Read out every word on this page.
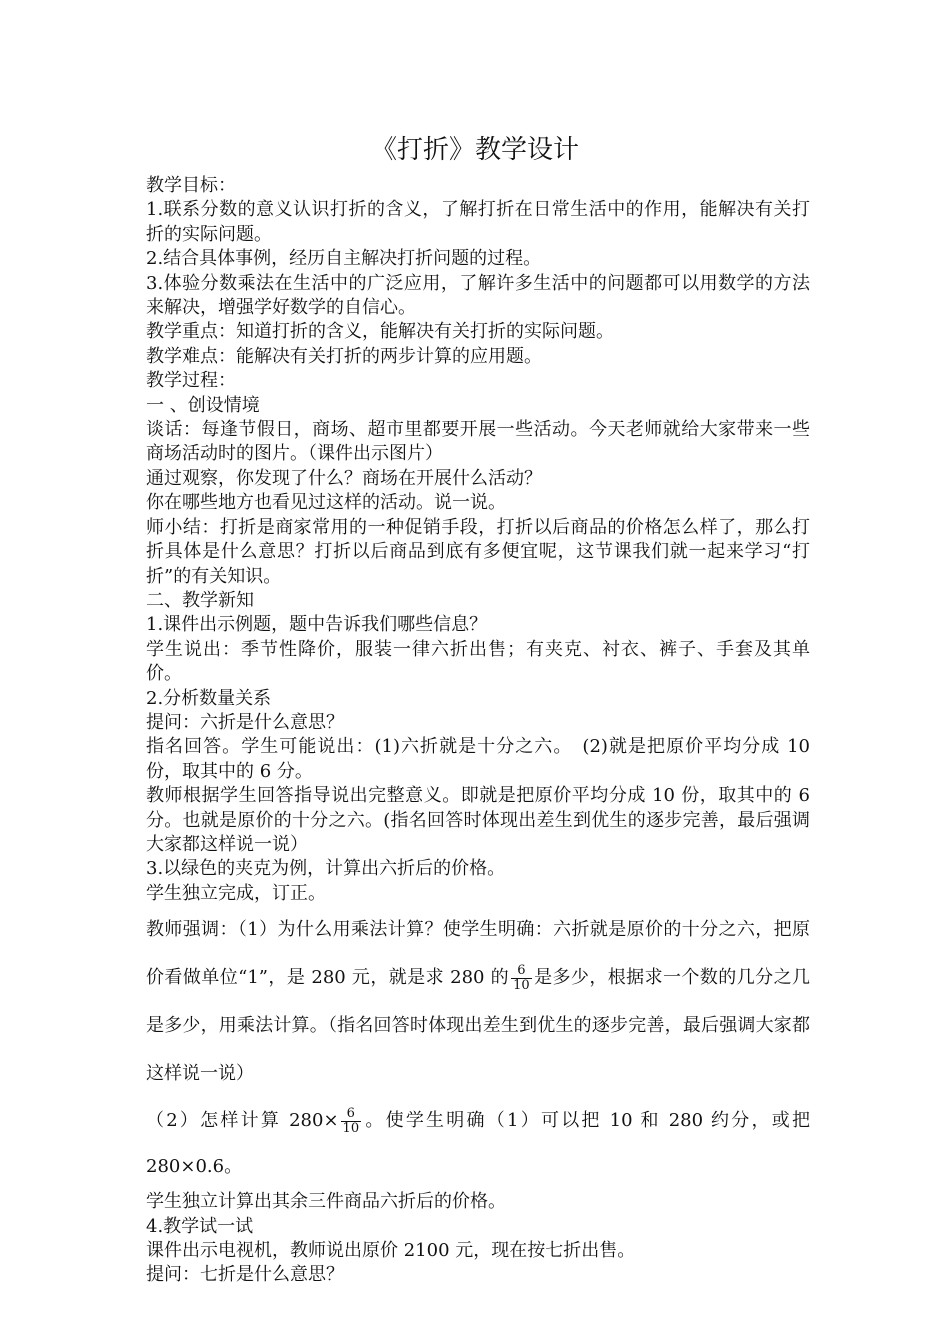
《打折》教学设计

教学目标：

1.联系分数的意义认识打折的含义，了解打折在日常生活中的作用，能解决有关打折的实际问题。

2.结合具体事例，经历自主解决打折问题的过程。

3.体验分数乘法在生活中的广泛应用，了解许多生活中的问题都可以用数学的方法来解决，增强学好数学的自信心。

教学重点：知道打折的含义，能解决有关打折的实际问题。

教学难点：能解决有关打折的两步计算的应用题。

教学过程：

一 、创设情境

谈话：每逢节假日，商场、超市里都要开展一些活动。今天老师就给大家带来一些商场活动时的图片。（课件出示图片）

通过观察，你发现了什么？商场在开展什么活动？

你在哪些地方也看见过这样的活动。说一说。

师小结：打折是商家常用的一种促销手段，打折以后商品的价格怎么样了，那么打折具体是什么意思？打折以后商品到底有多便宜呢，这节课我们就一起来学习“打折”的有关知识。

二、教学新知

1.课件出示例题，题中告诉我们哪些信息？

学生说出：季节性降价，服装一律六折出售；有夹克、衬衣、裤子、手套及其单价。

2.分析数量关系

提问：六折是什么意思？

指名回答。学生可能说出：(1)六折就是十分之六。　(2)就是把原价平均分成 10 份，取其中的 6 分。

教师根据学生回答指导说出完整意义。即就是把原价平均分成 10 份，取其中的 6 分。也就是原价的十分之六。(指名回答时体现出差生到优生的逐步完善，最后强调大家都这样说一说）

3.以绿色的夹克为例，计算出六折后的价格。

学生独立完成，订正。

教师强调：（1）为什么用乘法计算？使学生明确：六折就是原价的十分之六，把原价看做单位“1”，是 280 元，就是求 280 的 $\frac{6}{10}$ 是多少，根据求一个数的几分之几是多少，用乘法计算。（指名回答时体现出差生到优生的逐步完善，最后强调大家都这样说一说）

（2）怎样计算 $280\times \frac{6}{10}$ 。使学生明确（1）可以把 10 和 280 约分，或把 280×0.6。

学生独立计算出其余三件商品六折后的价格。

4.教学试一试

课件出示电视机，教师说出原价 2100 元，现在按七折出售。

提问：七折是什么意思？
